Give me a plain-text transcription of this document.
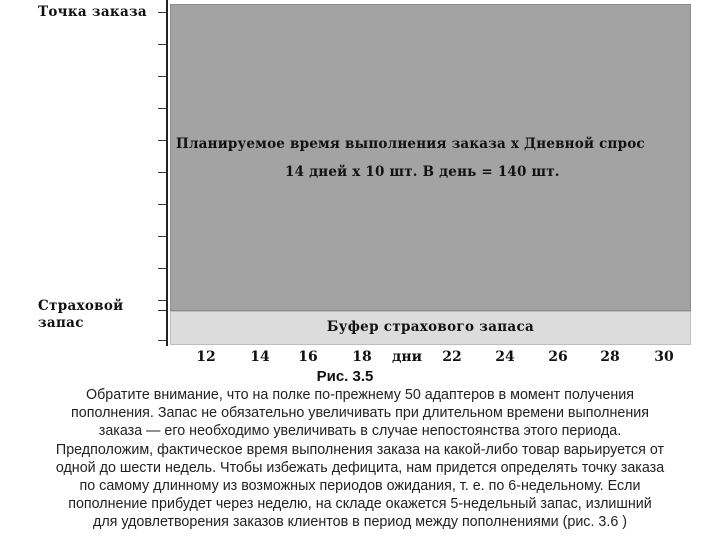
Точка заказа
Страховой
запас
Планируемое время выполнения заказа х Дневной спрос
14 дней х 10 шт. В день = 140 шт.
Буфер страхового запаса
12 14 16 18 дни 22 24 26 28 30
Рис. 3.5
Обратите внимание, что на полке по-прежнему 50 адаптеров в момент получения
пополнения. Запас не обязательно увеличивать при длительном времени выполнения
заказа — его необходимо увеличивать в случае непостоянства этого периода.
Предположим, фактическое время выполнения заказа на какой-либо товар варьируется от
одной до шести недель. Чтобы избежать дефицита, нам придется определять точку заказа
по самому длинному из возможных периодов ожидания, т. е. по 6-недельному. Если
пополнение прибудет через неделю, на складе окажется 5-недельный запас, излишний
для удовлетворения заказов клиентов в период между пополнениями (рис. 3.6 )
